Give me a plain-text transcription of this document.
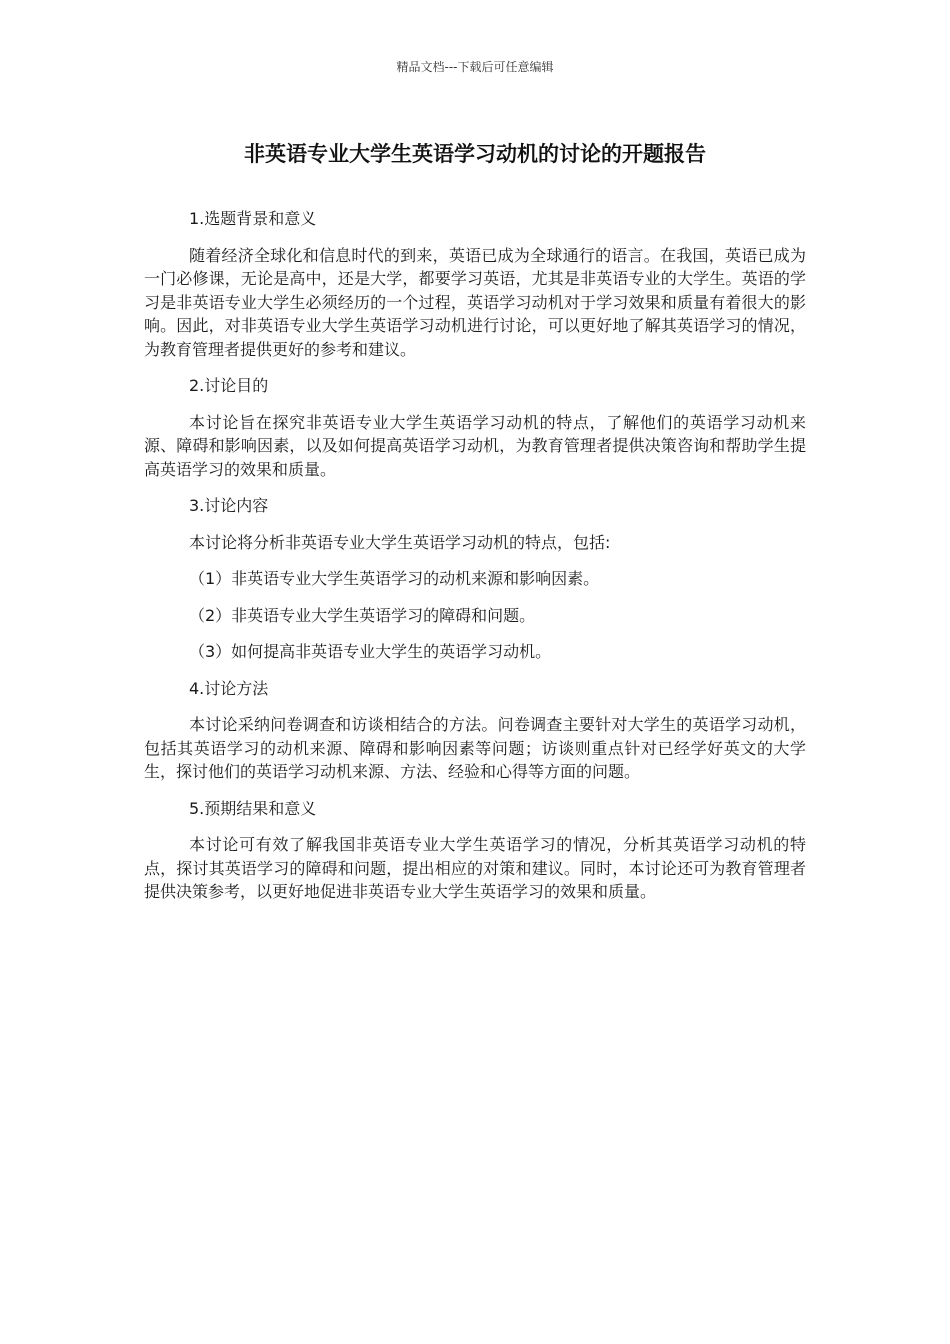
精品文档---下载后可任意编辑
非英语专业大学生英语学习动机的讨论的开题报告

1.选题背景和意义

随着经济全球化和信息时代的到来，英语已成为全球通行的语言。在我国，英语已成为一门必修课，无论是高中，还是大学，都要学习英语，尤其是非英语专业的大学生。英语的学习是非英语专业大学生必须经历的一个过程，英语学习动机对于学习效果和质量有着很大的影响。因此，对非英语专业大学生英语学习动机进行讨论，可以更好地了解其英语学习的情况，为教育管理者提供更好的参考和建议。

2.讨论目的

本讨论旨在探究非英语专业大学生英语学习动机的特点，了解他们的英语学习动机来源、障碍和影响因素，以及如何提高英语学习动机，为教育管理者提供决策咨询和帮助学生提高英语学习的效果和质量。

3.讨论内容

本讨论将分析非英语专业大学生英语学习动机的特点，包括:

（1）非英语专业大学生英语学习的动机来源和影响因素。

（2）非英语专业大学生英语学习的障碍和问题。

（3）如何提高非英语专业大学生的英语学习动机。

4.讨论方法

本讨论采纳问卷调查和访谈相结合的方法。问卷调查主要针对大学生的英语学习动机，包括其英语学习的动机来源、障碍和影响因素等问题；访谈则重点针对已经学好英文的大学生，探讨他们的英语学习动机来源、方法、经验和心得等方面的问题。

5.预期结果和意义

本讨论可有效了解我国非英语专业大学生英语学习的情况，分析其英语学习动机的特点，探讨其英语学习的障碍和问题，提出相应的对策和建议。同时，本讨论还可为教育管理者提供决策参考，以更好地促进非英语专业大学生英语学习的效果和质量。
